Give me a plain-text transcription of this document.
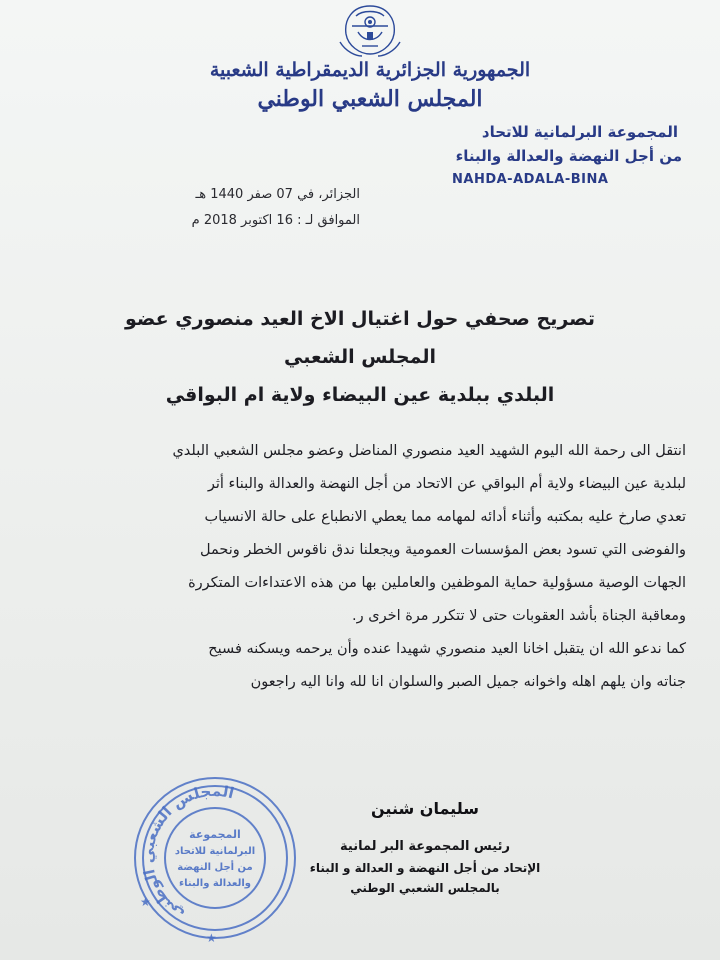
الجمهورية الجزائرية الديمقراطية الشعبية
المجلس الشعبي الوطني
المجموعة البرلمانية للاتحاد
من أجل النهضة والعدالة والبناء
NAHDA-ADALA-BINA
الجزائر، في 07 صفر 1440 هـ
الموافق لـ : 16 اكتوبر 2018 م
تصريح صحفي حول اغتيال الاخ العيد منصوري عضو المجلس الشعبي
البلدي ببلدية عين البيضاء ولاية ام البواقي

انتقل الى رحمة الله اليوم الشهيد العيد منصوري المناضل وعضو مجلس الشعبي البلدي

لبلدية عين البيضاء ولاية أم البواقي عن الاتحاد من أجل النهضة والعدالة والبناء أثر

تعدي صارخ عليه بمكتبه وأثناء أدائه لمهامه مما يعطي الانطباع على حالة الانسياب

والفوضى التي تسود بعض المؤسسات العمومية ويجعلنا ندق ناقوس الخطر ونحمل

الجهات الوصية مسؤولية حماية الموظفين والعاملين بها من هذه الاعتداءات المتكررة

ومعاقبة الجناة بأشد العقوبات حتى لا تتكرر مرة اخرى ر.

كما ندعو الله ان يتقبل اخانا العيد منصوري شهيدا عنده وأن يرحمه ويسكنه فسيح

جناته وان يلهم اهله واخوانه جميل الصبر والسلوان انا لله وانا اليه راجعون

المجلس الشعبي الوطني
المجموعة
البرلمانية للاتحاد
من أجل النهضة
والعدالة والبناء
★
★
سليمان شنين
رئيس المجموعة البر لمانية
الإتحاد من أجل النهضة و العدالة و البناء
بالمجلس الشعبي الوطني
